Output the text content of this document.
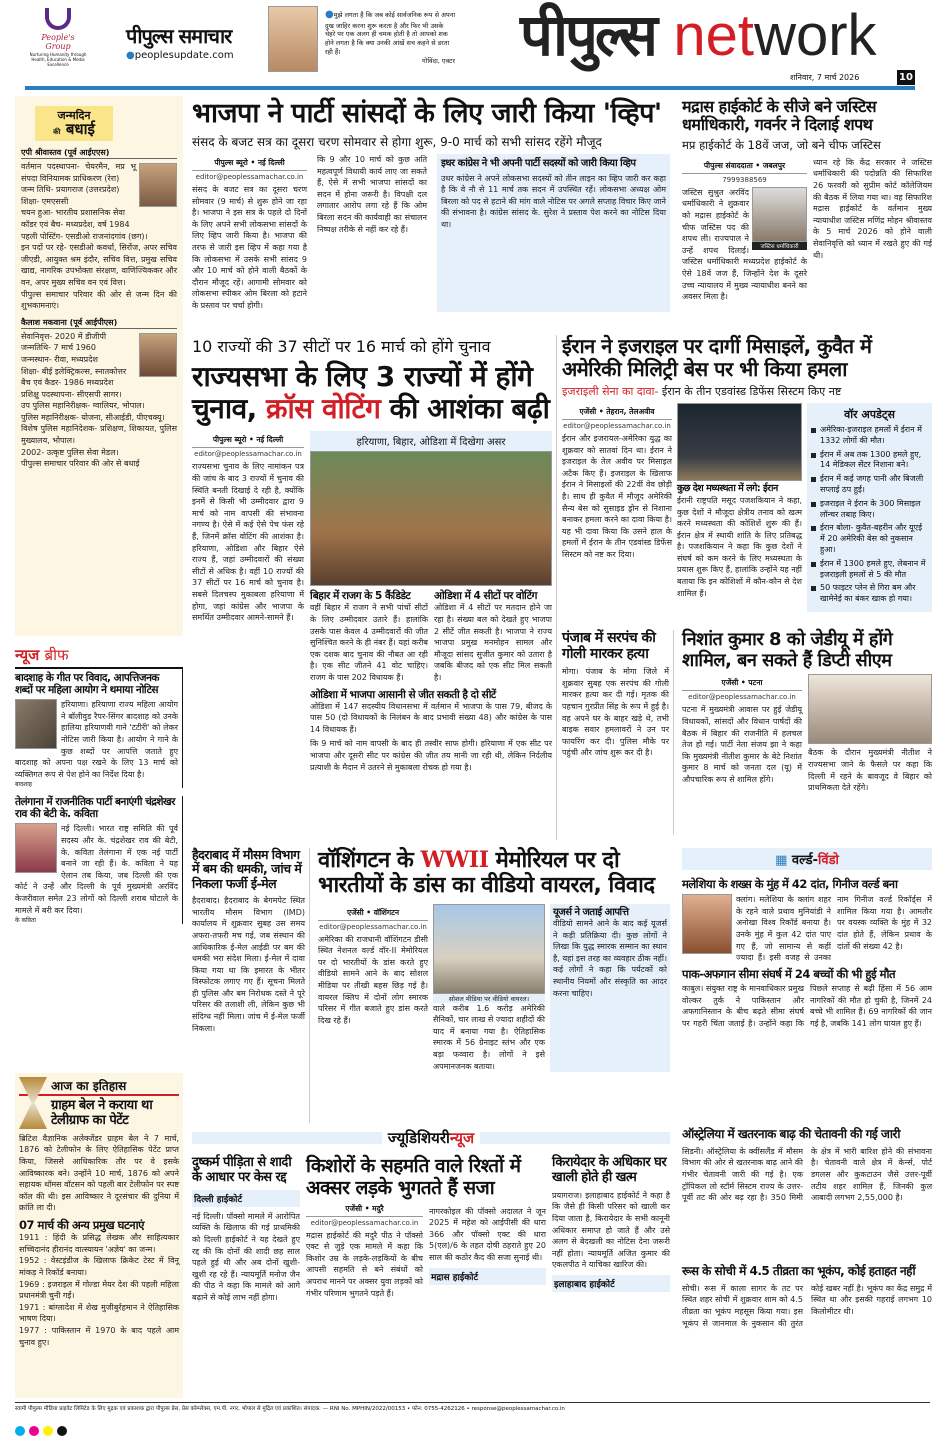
People's Group
Nurturing Humanity through Health, Education & Media Excellence
पीपुल्स समाचार
●peoplesupdate.com
●मुझे लगता है कि जब कोई सार्वजनिक रूप से अपना दुख जाहिर करना शुरू करता है और फिर भी उसके चेहरे पर एक अलग ही चमक होती है तो आपको शक होने लगता है कि क्या उनकी आंखें सच कहने से डरता रही हैं।
गोविंदा, एक्टर पीपुल्स network
शनिवार, 7 मार्च 2026	10
जन्मदिन
की बधाई
एपी श्रीवास्तव (पूर्व आईएएस)
वर्तमान पदस्थापना- चेयरमैन, मप्र भू संपदा विनियामक प्राधिकरण (रेरा)
जन्म तिथि- प्रयागराज (उत्तरप्रदेश)
शिक्षा- एमएससी
चयन हुआ- भारतीय प्रशासनिक सेवा
कॉडर एवं बैच- मध्यप्रदेश, वर्ष 1984
पहली पोस्टिंग- एसडीओ राजनांदगांव (छग)।
इन पदों पर रहे- एसडीओ कवर्धा, सिरोंज, अपर सचिव जीएडी, आयुक्त श्रम इंदौर, सचिव वित्त, प्रमुख सचिव खाद्य, नागरिक उपभोक्ता संरक्षण, वाणिज्यिककर और वन, अपर मुख्य सचिव वन एवं वित्त।
पीपुल्स समाचार परिवार की ओर से जन्म दिन की शुभकामनाएं।
कैलाश मकवाना (पूर्व आईपीएस)
सेवानिवृत्त- 2020 में डीजीपी
जन्मतिथि- 7 मार्च 1960
जन्मस्थान- रीवा, मध्यप्रदेश
शिक्षा- बीई इलेक्ट्रिकल्स, स्नातकोत्तर
बैच एवं कैडर- 1986 मध्यप्रदेश
प्रशिक्षु पदस्थापना- सीएसपी सागर।
उप पुलिस महानिरीक्षक- ग्वालियर, भोपाल।
पुलिस महानिरीक्षक- योजना, सीआईडी, पीएचक्यू।
विशेष पुलिस महानिदेशक- प्रशिक्षण, शिकायत, पुलिस मुख्यालय, भोपाल।
2002- उत्कृष्ट पुलिस सेवा मेडल।
पीपुल्स समाचार परिवार की ओर से बधाई
न्यूज ब्रीफ
बादशाह के गीत पर विवाद, आपत्तिजनक शब्दों पर महिला आयोग ने थमाया नोटिस
हरियाणा। हरियाणा राज्य महिला आयोग ने बॉलीवुड रैपर-सिंगर बादशाह को उनके हालिया हरियाणवी गाने 'टटीरी' को लेकर नोटिस जारी किया है। आयोग ने गाने के कुछ शब्दों पर आपत्ति जताते हुए बादशाह को अपना पक्ष रखने के लिए 13 मार्च को व्यक्तिगत रूप से पेश होने का निर्देश दिया है।
बादशाह
तेलंगाना में राजनीतिक पार्टी बनाएंगी चंद्रशेखर राव की बेटी के. कविता
नई दिल्ली। भारत राष्ट्र समिति की पूर्व सदस्य और के. चंद्रशेखर राव की बेटी, के. कविता तेलंगाना में एक नई पार्टी बनाने जा रही हैं। के. कविता ने यह ऐलान तब किया, जब दिल्ली की एक कोर्ट ने उन्हें और दिल्ली के पूर्व मुख्यमंत्री अरविंद केजरीवाल समेत 23 लोगों को दिल्ली शराब घोटाले के मामले में बरी कर दिया।
के कविता
आज का इतिहास
ग्राहम बेल ने कराया था टेलीग्राफ का पेटेंट
ब्रिटिश वैज्ञानिक अलेक्जेंडर ग्राहम बेल ने 7 मार्च, 1876 को टेलीफोन के लिए ऐतिहासिक पेटेंट प्राप्त किया, जिससे आधिकारिक तौर पर वे इसके आविष्कारक बने। उन्होंने 10 मार्च, 1876 को अपने सहायक थॉमस वॉटसन को पहली बार टेलीफोन पर स्पष्ट कॉल की थी। इस आविष्कार ने दूरसंचार की दुनिया में क्रांति ला दी।
07 मार्च की अन्य प्रमुख घटनाएं
1911 : हिंदी के प्रसिद्ध लेखक और साहित्यकार सच्चिदानंद हीरानंद वात्स्यायन 'अज्ञेय' का जन्म।
1952 : वेस्टइंडीज के खिलाफ क्रिकेट टेस्ट में विनू मांकड़ ने रिकॉर्ड बनाया।
1969 : इजराइल में गोल्डा मेयर देश की पहली महिला प्रधानमंत्री चुनी गईं।
1971 : बांग्लादेश में शेख मुजीबुर्रहमान ने ऐतिहासिक भाषण दिया।
1977 : पाकिस्तान में 1970 के बाद पहले आम चुनाव हुए।
भाजपा ने पार्टी सांसदों के लिए जारी किया 'व्हिप'
संसद के बजट सत्र का दूसरा चरण सोमवार से होगा शुरू, 9-0 मार्च को सभी सांसद रहेंगे मौजूद
पीपुल्स ब्यूरो • नई दिल्ली
editor@peoplessamachar.co.in
संसद के बजट सत्र का दूसरा चरण सोमवार (9 मार्च) से शुरू होने जा रहा है। भाजपा ने इस सत्र के पहले दो दिनों के लिए अपने सभी लोकसभा सांसदों के लिए व्हिप जारी किया है। भाजपा की तरफ से जारी इस व्हिप में कहा गया है कि लोकसभा में उसके सभी सांसद 9 और 10 मार्च को होने वाली बैठकों के दौरान मौजूद रहें। आगामी सोमवार को लोकसभा स्पीकर ओम बिरला को हटाने के प्रस्ताव पर चर्चा होगी।
कि 9 और 10 मार्च को कुछ अति महत्वपूर्ण विधायी कार्य लाए जा सकते हैं, ऐसे में सभी भाजपा सांसदों का सदन में होना जरूरी है। विपक्षी दल लगातार आरोप लगा रहे हैं कि ओम बिरला सदन की कार्यवाही का संचालन निष्पक्ष तरीके से नहीं कर रहे हैं।
इधर कांग्रेस ने भी अपनी पार्टी सदस्यों को जारी किया व्हिप
उधर कांग्रेस ने अपने लोकसभा सदस्यों को तीन लाइन का व्हिप जारी कर कहा है कि वे नौ से 11 मार्च तक सदन में उपस्थित रहें। लोकसभा अध्यक्ष ओम बिरला को पद से हटाने की मांग वाले नोटिस पर अगले सप्ताह विचार किए जाने की संभावना है। कांग्रेस सांसद के. सुरेश ने प्रस्ताव पेश करने का नोटिस दिया था।
मद्रास हाईकोर्ट के सीजे बने जस्टिस धर्माधिकारी, गवर्नर ने दिलाई शपथ
मप्र हाईकोर्ट के 18वें जज, जो बने चीफ जस्टिस
पीपुल्स संवाददाता • जबलपुर
7999388569
जस्टिस धर्माधिकारी
जस्टिस सुश्रुत अरविंद धर्माधिकारी ने शुक्रवार को मद्रास हाईकोर्ट के चीफ जस्टिस पद की शपथ ली। राज्यपाल ने उन्हें शपथ दिलाई। जस्टिस धर्माधिकारी मध्यप्रदेश हाईकोर्ट के ऐसे 18वें जज हैं, जिन्होंने देश के दूसरे उच्च न्यायालय में मुख्य न्यायाधीश बनने का अवसर मिला है।
ध्यान रहे कि केंद्र सरकार ने जस्टिस धर्माधिकारी की पदोन्नति की सिफारिश 26 फरवरी को सुप्रीम कोर्ट कॉलेजियम की बैठक में लिया गया था। वह सिफारिश मद्रास हाईकोर्ट के वर्तमान मुख्य न्यायाधीश जस्टिस मणिंद्र मोहन श्रीवास्तव के 5 मार्च 2026 को होने वाली सेवानिवृत्ति को ध्यान में रखते हुए की गई थी।
10 राज्यों की 37 सीटों पर 16 मार्च को होंगे चुनाव
राज्यसभा के लिए 3 राज्यों में होंगे चुनाव, क्रॉस वोटिंग की आशंका बढ़ी
पीपुल्स ब्यूरो • नई दिल्ली
editor@peoplessamachar.co.in
राज्यसभा चुनाव के लिए नामांकन पत्र की जांच के बाद 3 राज्यों में चुनाव की स्थिति बनती दिखाई दे रही है, क्योंकि इनमें से किसी भी उम्मीदवार द्वारा 9 मार्च को नाम वापसी की संभावना नगण्य है। ऐसे में कई ऐसे पेच फंस रहे हैं, जिनमें क्रॉस वोटिंग की आशंका है। हरियाणा, ओडिशा और बिहार ऐसे राज्य हैं, जहां उम्मीदवारों की संख्या सीटों से अधिक है। वहीं 10 राज्यों की 37 सीटों पर 16 मार्च को चुनाव है। सबसे दिलचस्प मुकाबला हरियाणा में होगा, जहां कांग्रेस और भाजपा के समर्थित उम्मीदवार आमने-सामने हैं।
हरियाणा, बिहार, ओडिशा में दिखेगा असर
बिहार में राजग के 5 कैंडिडेट
वहीं बिहार में राजग ने सभी पांचों सीटों के लिए उम्मीदवार उतारे हैं। हालांकि उसके पास केवल 4 उम्मीदवारों की जीत सुनिश्चित करने के ही नंबर हैं। यहां करीब एक दशक बाद चुनाव की नौबत आ रही है। एक सीट जीतने 41 वोट चाहिए। राजग के पास 202 विधायक हैं।
ओडिशा में 4 सीटों पर वोटिंग
ओडिशा में 4 सीटों पर मतदान होने जा रहा है। संख्या बल को देखते हुए भाजपा 2 सीटें जीत सकती है। भाजपा ने राज्य भाजपा प्रमुख मनमोहन सामल और मौजूदा सांसद सुजीत कुमार को उतारा है जबकि बीजद को एक सीट मिल सकती है।
ओडिशा में भाजपा आसानी से जीत सकती है दो सीटें
ओडिशा में 147 सदस्यीय विधानसभा में वर्तमान में भाजपा के पास 79, बीजद के पास 50 (दो विधायकों के निलंबन के बाद प्रभावी संख्या 48) और कांग्रेस के पास 14 विधायक हैं।
कि 9 मार्च को नाम वापसी के बाद ही तस्वीर साफ होगी। हरियाणा में एक सीट पर भाजपा और दूसरी सीट पर कांग्रेस की जीत तय मानी जा रही थी, लेकिन निर्दलीय प्रत्याशी के मैदान में उतरने से मुकाबला रोचक हो गया है।
ईरान ने इजराइल पर दागीं मिसाइलें, कुवैत में अमेरिकी मिलिट्री बेस पर भी किया हमला
इजराइली सेना का दावा- ईरान के तीन एडवांस्ड डिफेंस सिस्टम किए नष्ट
एजेंसी • तेहरान, तेलअवीव
editor@peoplessamachar.co.in
ईरान और इजरायल-अमेरिका युद्ध का शुक्रवार को सातवां दिन था। ईरान ने इजराइल के तेल अवीव पर मिसाइल अटैक किए हैं। इजराइल के खिलाफ ईरान ने मिसाइलों की 22वीं वेव छोड़ी है। साथ ही कुवैत में मौजूद अमेरिकी सैन्य बेस को सुसाइड ड्रोन से निशाना बनाकर हमला करने का दावा किया है। यह भी दावा किया कि उसने हाल के हमलों में ईरान के तीन एडवांस्ड डिफेंस सिस्टम को नष्ट कर दिया।
कुछ देश मध्यस्थता में लगे: ईरान
ईरानी राष्ट्रपति मसूद पजशकियान ने कहा, कुछ देशों ने मौजूदा क्षेत्रीय तनाव को खत्म करने मध्यस्थता की कोशिशें शुरू की हैं। ईरान क्षेत्र में स्थायी शांति के लिए प्रतिबद्ध है। पजशकियान ने कहा कि कुछ देशों ने संघर्ष को कम करने के लिए मध्यस्थता के प्रयास शुरू किए हैं, हालांकि उन्होंने यह नहीं बताया कि इन कोशिशों में कौन-कौन से देश शामिल हैं।
वॉर अपडेट्स
अमेरिका-इजराइल हमलों में ईरान में 1332 लोगों की मौत।
ईरान में अब तक 1300 हमले हुए, 14 मेडिकल सेंटर निशाना बने।
ईरान में कई जगह पानी और बिजली सप्लाई ठप हुई।
इजराइल ने ईरान के 300 मिसाइल लॉन्चर तबाह किए।
ईरान बोला- कुवैत-बहरीन और यूएई में 20 अमेरिकी बेस को नुकसान हुआ।
ईरान में 1300 हमले हुए, लेबनान में इजराइली हमलों से 5 की मौत
50 फाइटर प्लेन से गिरा बम और खामेनेई का बंकर खाक हो गया।
पंजाब में सरपंच की गोली मारकर हत्या
मोगा। पंजाब के मोगा जिले में शुक्रवार सुबह एक सरपंच की गोली मारकर हत्या कर दी गई। मृतक की पहचान गुरप्रीत सिंह के रूप में हुई है। वह अपने घर के बाहर खड़े थे, तभी बाइक सवार हमलावरों ने उन पर फायरिंग कर दी। पुलिस मौके पर पहुंची और जांच शुरू कर दी है।
निशांत कुमार 8 को जेडीयू में होंगे शामिल, बन सकते हैं डिप्टी सीएम
एजेंसी • पटना
editor@peoplessamachar.co.in
पटना में मुख्यमंत्री आवास पर हुई जेडीयू विधायकों, सांसदों और विधान पार्षदों की बैठक में बिहार की राजनीति में हलचल तेज हो गई। पार्टी नेता संजय झा ने कहा कि मुख्यमंत्री नीतीश कुमार के बेटे निशांत कुमार 8 मार्च को जनता दल (यू) में औपचारिक रूप से शामिल होंगे।
बैठक के दौरान मुख्यमंत्री नीतीश ने राज्यसभा जाने के फैसले पर कहा कि दिल्ली में रहने के बावजूद वे बिहार को प्राथमिकता देते रहेंगे।
हैदराबाद में मौसम विभाग में बम की धमकी, जांच में निकला फर्जी ई-मेल
हैदराबाद। हैदराबाद के बेगमपेट स्थित भारतीय मौसम विभाग (IMD) कार्यालय में शुक्रवार सुबह उस समय अफरा-तफरी मच गई, जब संस्थान की आधिकारिक ई-मेल आईडी पर बम की धमकी भरा संदेश मिला। ई-मेल में दावा किया गया था कि इमारत के भीतर विस्फोटक लगाए गए हैं। सूचना मिलते ही पुलिस और बम निरोधक दस्ते ने पूरे परिसर की तलाशी ली, लेकिन कुछ भी संदिग्ध नहीं मिला। जांच में ई-मेल फर्जी निकला।
वॉशिंगटन के WWII मेमोरियल पर दो भारतीयों के डांस का वीडियो वायरल, विवाद
एजेंसी • वॉशिंगटन
editor@peoplessamachar.co.in
अमेरिका की राजधानी वॉशिंगटन डीसी स्थित नेशनल वर्ल्ड वॉर-II मेमोरियल पर दो भारतीयों के डांस करते हुए वीडियो सामने आने के बाद सोशल मीडिया पर तीखी बहस छिड़ गई है। वायरल क्लिप में दोनों लोग स्मारक परिसर में गीत बजाते हुए डांस करते दिख रहे हैं।
सोशल मीडिया पर वीडियो वायरल।
वाले करीब 1.6 करोड़ अमेरिकी सैनिकों, चार लाख से ज्यादा शहीदों की याद में बनाया गया है। ऐतिहासिक स्मारक में 56 ग्रेनाइट स्तंभ और एक बड़ा फव्वारा है। लोगों ने इसे अपमानजनक बताया।
यूजर्स ने जताई आपत्ति
वीडियो सामने आने के बाद कई यूजर्स ने कड़ी प्रतिक्रिया दी। कुछ लोगों ने लिखा कि युद्ध स्मारक सम्मान का स्थान है, यहां इस तरह का व्यवहार ठीक नहीं। कई लोगों ने कहा कि पर्यटकों को स्थानीय नियमों और संस्कृति का आदर करना चाहिए।
▦ वर्ल्ड-विंडो
मलेशिया के शख्स के मुंह में 42 दांत, गिनीज वर्ल्ड बना
क्लांग। मलेशिया के क्लांग शहर के रहने वाले प्रथाव मुनियांडी ने अनोखा विश्व रिकॉर्ड बनाया है। उनके मुंह में कुल 42 दांत पाए गए हैं, जो सामान्य से कहीं ज्यादा हैं। इसी वजह से उनका नाम गिनीज वर्ल्ड रिकॉर्ड्स में शामिल किया गया है। आमतौर पर वयस्क व्यक्ति के मुंह में 32 दांत होते हैं, लेकिन प्रथाव के दांतों की संख्या 42 है।
पाक-अफगान सीमा संघर्ष में 24 बच्चों की भी हुई मौत
काबुल। संयुक्त राष्ट्र के मानवाधिकार प्रमुख वोल्कर तुर्क ने पाकिस्तान और अफगानिस्तान के बीच बढ़ते सीमा संघर्ष पर गहरी चिंता जताई है। उन्होंने कहा कि पिछले सप्ताह से बढ़ी हिंसा में 56 आम नागरिकों की मौत हो चुकी है, जिनमें 24 बच्चे भी शामिल हैं। 69 नागरिकों की जान गई है, जबकि 141 लोग घायल हुए हैं।
ज्यूडिशियरीन्यूज
दुष्कर्म पीड़िता से शादी के आधार पर केस रद्द
दिल्ली हाईकोर्ट
नई दिल्ली। पॉक्सो मामले में आरोपित व्यक्ति के खिलाफ की गई प्राथमिकी को दिल्ली हाईकोर्ट ने यह देखते हुए रद्द की कि दोनों की शादी छह साल पहले हुई थी और अब दोनों खुशी-खुशी रह रहे हैं। न्यायमूर्ति मनोज जैन की पीठ ने कहा कि मामले को आगे बढ़ाने से कोई लाभ नहीं होगा।
किशोरों के सहमति वाले रिश्तों में अक्सर लड़के भुगतते हैं सजा
एजेंसी • मदुरै
editor@peoplessamachar.co.in
मद्रास हाईकोर्ट की मदुरै पीठ ने पॉक्सो एक्ट से जुड़े एक मामले में कहा कि किशोर उम्र के लड़के-लड़कियों के बीच आपसी सहमति से बने संबंधों को अपराध मानने पर अक्सर युवा लड़कों को गंभीर परिणाम भुगतने पड़ते हैं।
नागरकोइल की पॉक्सो अदालत ने जून 2025 में महेश को आईपीसी की धारा 366 और पॉक्सो एक्ट की धारा 5(एल)/6 के तहत दोषी ठहराते हुए 20 साल की कठोर कैद की सजा सुनाई थी।
मद्रास हाईकोर्ट
किरायेदार के अधिकार घर खाली होते ही खत्म
प्रयागराज। इलाहाबाद हाईकोर्ट ने कहा है कि जैसे ही किसी परिसर को खाली कर दिया जाता है, किरायेदार के सभी कानूनी अधिकार समाप्त हो जाते हैं और उसे अलग से बेदखली का नोटिस देना जरूरी नहीं होता। न्यायमूर्ति अजित कुमार की एकलपीठ ने याचिका खारिज की।
इलाहाबाद हाईकोर्ट
ऑस्ट्रेलिया में खतरनाक बाढ़ की चेतावनी की गई जारी
सिडनी। ऑस्ट्रेलिया के क्वींसलैंड में मौसम विभाग की ओर से खतरनाक बाढ़ आने की गंभीर चेतावनी जारी की गई है। एक ट्रॉपिकल लो स्टॉर्म सिस्टम राज्य के उत्तर-पूर्वी तट की ओर बढ़ रहा है। 350 मिमी के क्षेत्र में भारी बारिश होने की संभावना है। चेतावनी वाले क्षेत्र में केर्न्स, पोर्ट डगलस और कुकटाउन जैसे उत्तर-पूर्वी तटीय शहर शामिल हैं, जिनकी कुल आबादी लगभग 2,55,000 है।
रूस के सोची में 4.5 तीव्रता का भूकंप, कोई हताहत नहीं
सोची। रूस में काला सागर के तट पर स्थित शहर सोची में शुक्रवार शाम को 4.5 तीव्रता का भूकंप महसूस किया गया। इस भूकंप से जानमाल के नुकसान की तुरंत कोई खबर नहीं है। भूकंप का केंद्र समुद्र में स्थित था और इसकी गहराई लगभग 10 किलोमीटर थी।
स्वामी पीपुल्स मीडिया प्राइवेट लिमिटेड के लिए मुद्रक एवं प्रकाशक द्वारा पीपुल्स प्रेस, प्रेस कॉम्प्लेक्स, एम.पी. नगर, भोपाल से मुद्रित एवं प्रकाशित। संपादक: — RNI No. MPHIN/2022/00153 • फोन: 0755-4262126 • response@peoplessamachar.co.in
